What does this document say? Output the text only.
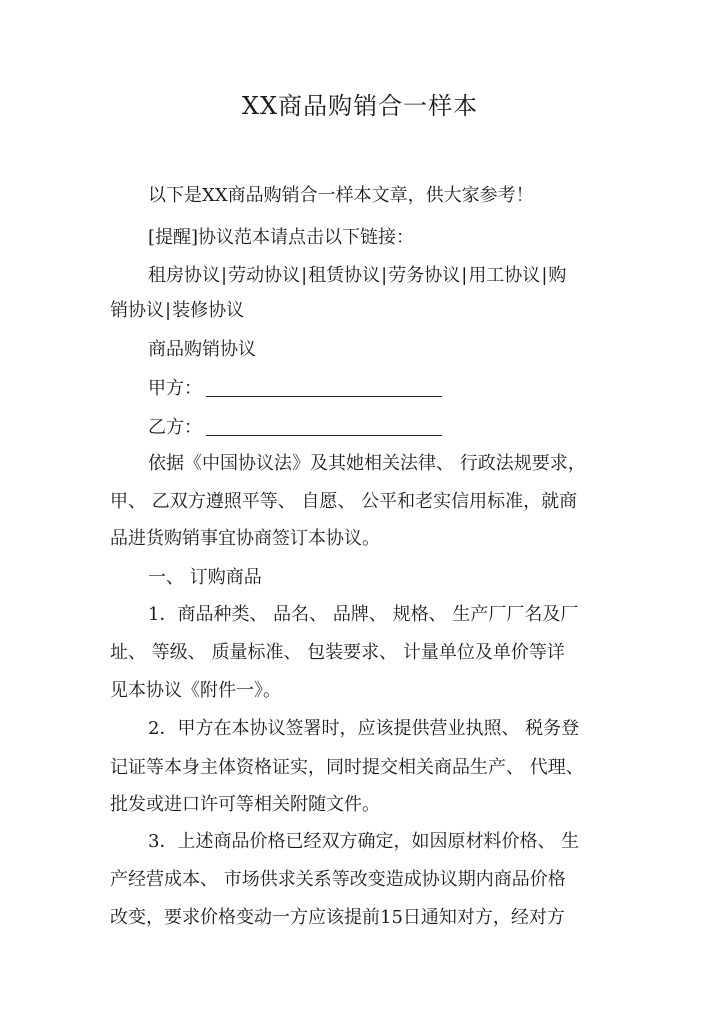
XX商品购销合一样本
以下是XX商品购销合一样本文章，供大家参考！
[提醒]协议范本请点击以下链接：
租房协议|劳动协议|租赁协议|劳务协议|用工协议|购
销协议|装修协议
商品购销协议
甲方：
乙方：
依据《中国协议法》及其她相关法律、 行政法规要求，
甲、 乙双方遵照平等、 自愿、 公平和老实信用标准，就商
品进货购销事宜协商签订本协议。
一、 订购商品
1．商品种类、 品名、 品牌、 规格、 生产厂厂名及厂
址、 等级、 质量标准、 包装要求、 计量单位及单价等详
见本协议《附件一》。
2．甲方在本协议签署时，应该提供营业执照、 税务登
记证等本身主体资格证实，同时提交相关商品生产、 代理、
批发或进口许可等相关附随文件。
3．上述商品价格已经双方确定，如因原材料价格、 生
产经营成本、 市场供求关系等改变造成协议期内商品价格
改变，要求价格变动一方应该提前15日通知对方，经对方
